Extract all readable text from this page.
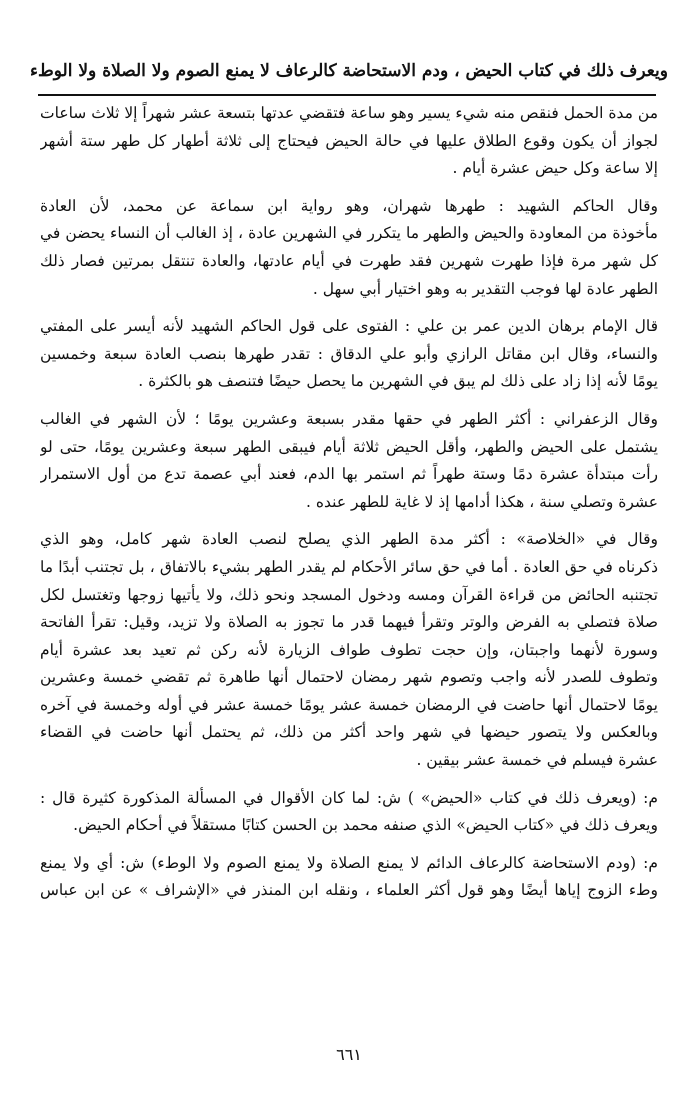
ويعرف ذلك في كتاب الحيض ، ودم الاستحاضة كالرعاف لا يمنع الصوم ولا الصلاة ولا الوطء
من مدة الحمل فنقص منه شيء يسير وهو ساعة فتقضي عدتها بتسعة عشر شهراً إلا ثلاث ساعات
لجواز أن يكون وقوع الطلاق عليها في حالة الحيض فيحتاج إلى ثلاثة أطهار كل طهر ستة أشهر
إلا ساعة وكل حيض عشرة أيام .
وقال الحاكم الشهيد : طهرها شهران، وهو رواية ابن سماعة عن محمد، لأن العادة
مأخوذة من المعاودة والحيض والطهر ما يتكرر في الشهرين عادة ، إذ الغالب أن النساء يحضن في
كل شهر مرة فإذا طهرت شهرين فقد طهرت في أيام عادتها، والعادة تنتقل بمرتين فصار ذلك
الطهر عادة لها فوجب التقدير به وهو اختيار أبي سهل .
قال الإمام برهان الدين عمر بن علي : الفتوى على قول الحاكم الشهيد لأنه أيسر على المفتي
والنساء، وقال ابن مقاتل الرازي وأبو علي الدقاق : تقدر طهرها بنصب العادة سبعة وخمسين
يومًا لأنه إذا زاد على ذلك لم يبق في الشهرين ما يحصل حيضًا فتنصف هو بالكثرة .
وقال الزعفراني : أكثر الطهر في حقها مقدر بسبعة وعشرين يومًا ؛ لأن الشهر في الغالب
يشتمل على الحيض والطهر، وأقل الحيض ثلاثة أيام فيبقى الطهر سبعة وعشرين يومًا، حتى لو
رأت مبتدأة عشرة دمًا وستة طهراً ثم استمر بها الدم، فعند أبي عصمة تدع من أول الاستمرار
عشرة وتصلي سنة ، هكذا أدامها إذ لا غاية للطهر عنده .
وقال في «الخلاصة» : أكثر مدة الطهر الذي يصلح لنصب العادة شهر كامل، وهو الذي
ذكرناه في حق العادة . أما في حق سائر الأحكام لم يقدر الطهر بشيء بالاتفاق ، بل تجتنب أبدًا ما
تجتنبه الحائض من قراءة القرآن ومسه ودخول المسجد ونحو ذلك، ولا يأتيها زوجها وتغتسل لكل
صلاة فتصلي به الفرض والوتر وتقرأ فيهما قدر ما تجوز به الصلاة ولا تزيد، وقيل: تقرأ الفاتحة
وسورة لأنهما واجبتان، وإن حجت تطوف طواف الزيارة لأنه ركن ثم تعيد بعد عشرة أيام
وتطوف للصدر لأنه واجب وتصوم شهر رمضان لاحتمال أنها طاهرة ثم تقضي خمسة وعشرين
يومًا لاحتمال أنها حاضت في الرمضان خمسة عشر يومًا خمسة عشر في أوله وخمسة في آخره
وبالعكس ولا يتصور حيضها في شهر واحد أكثر من ذلك، ثم يحتمل أنها حاضت في القضاء
عشرة فيسلم في خمسة عشر بيقين .
م: (ويعرف ذلك في كتاب «الحيض» ) ش: لما كان الأقوال في المسألة المذكورة كثيرة قال :
ويعرف ذلك في «كتاب الحيض» الذي صنفه محمد بن الحسن كتابًا مستقلاً في أحكام الحيض.
م: (ودم الاستحاضة كالرعاف الدائم لا يمنع الصلاة ولا يمنع الصوم ولا الوطء) ش: أي ولا يمنع
وطء الزوج إياها أيضًا وهو قول أكثر العلماء ، ونقله ابن المنذر في «الإشراف » عن ابن عباس
٦٦١
